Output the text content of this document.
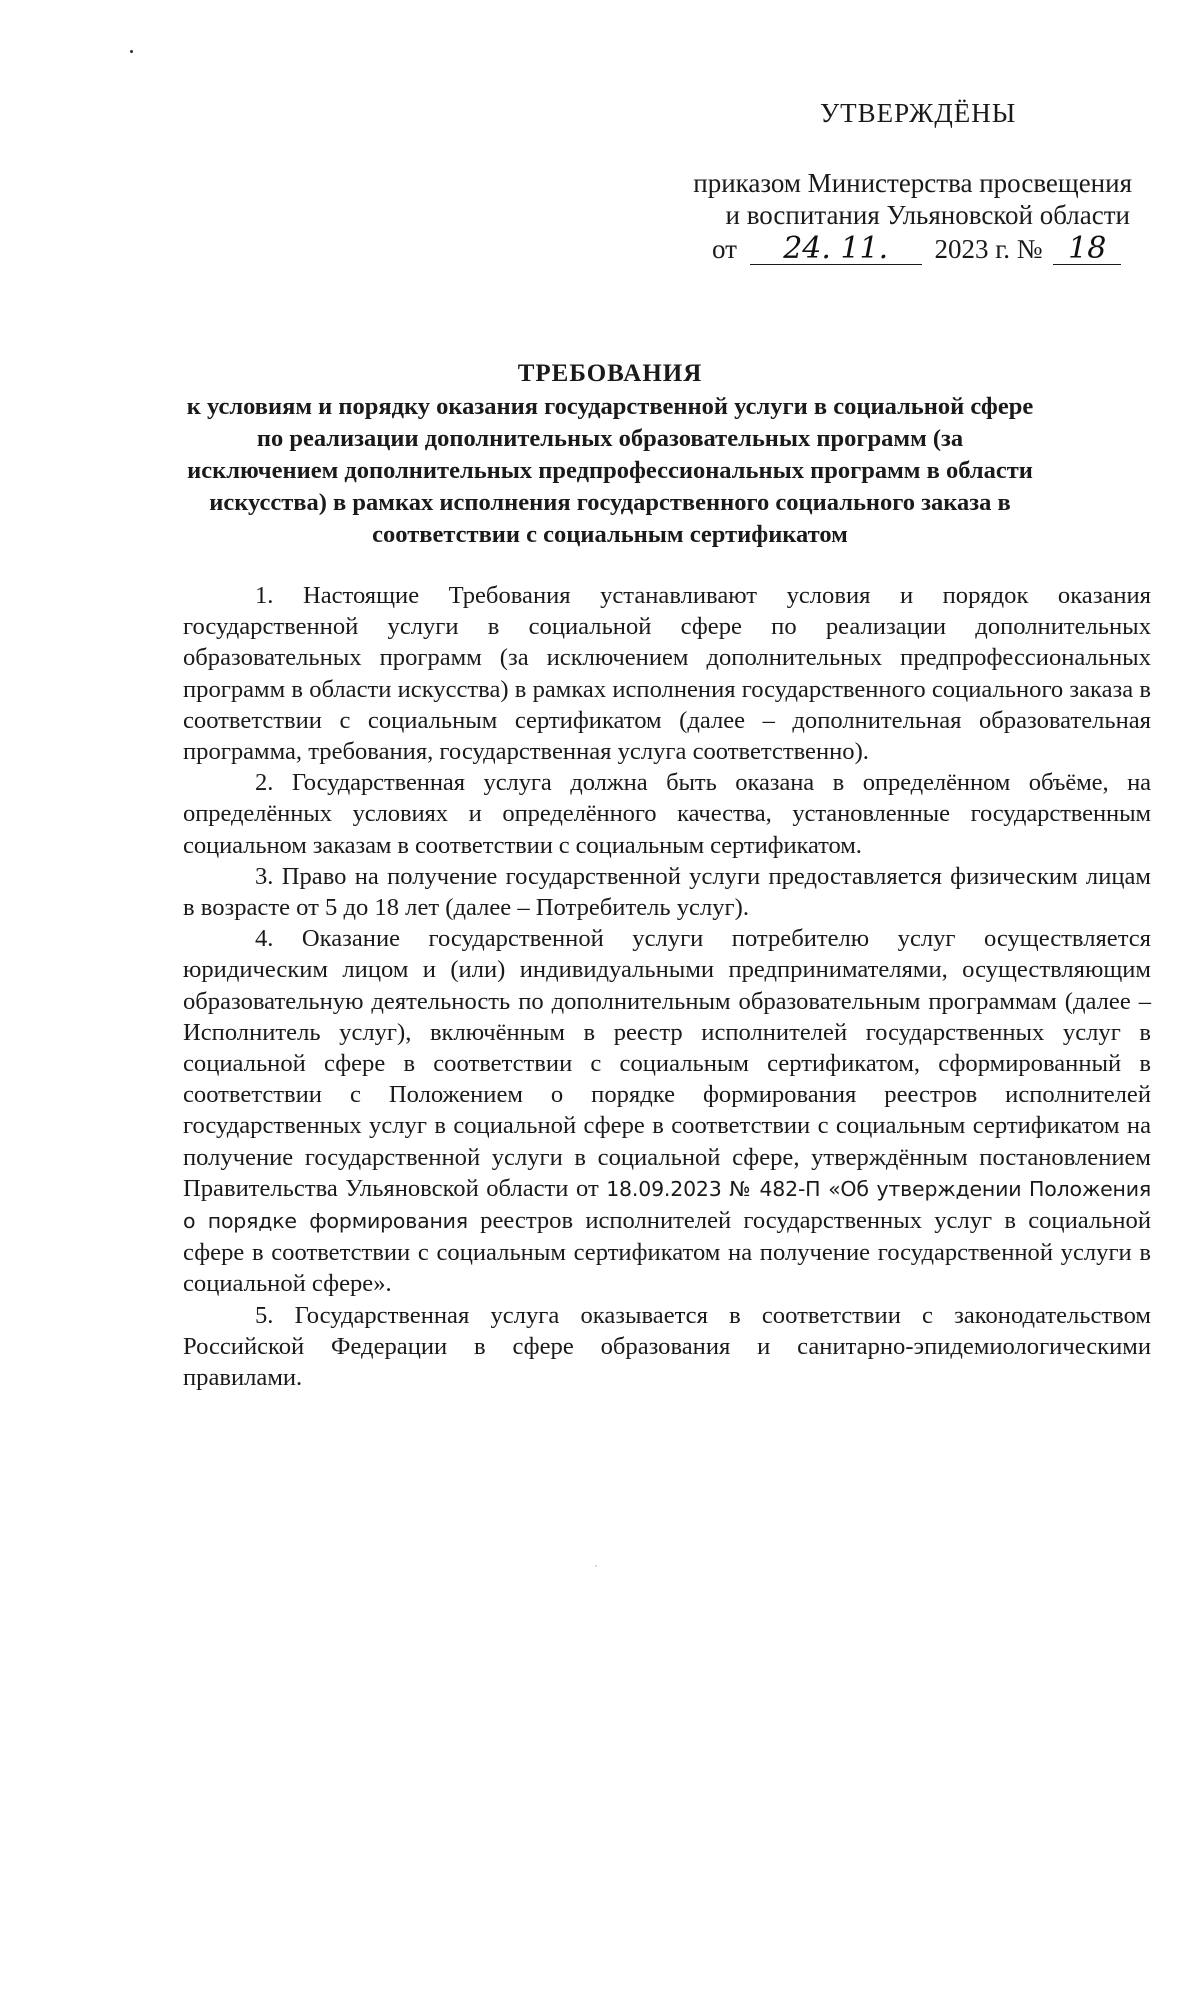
УТВЕРЖДЁНЫ
приказом Министерства просвещения
и воспитания Ульяновской области
от 24. 11. 2023 г. № 18
ТРЕБОВАНИЯ
к условиям и порядку оказания государственной услуги в социальной сфере по реализации дополнительных образовательных программ (за исключением дополнительных предпрофессиональных программ в области искусства) в рамках исполнения государственного социального заказа в соответствии с социальным сертификатом

1. Настоящие Требования устанавливают условия и порядок оказания государственной услуги в социальной сфере по реализации дополнительных образовательных программ (за исключением дополнительных предпрофессиональных программ в области искусства) в рамках исполнения государственного социального заказа в соответствии с социальным сертификатом (далее – дополнительная образовательная программа, требования, государственная услуга соответственно).

2. Государственная услуга должна быть оказана в определённом объёме, на определённых условиях и определённого качества, установленные государственным социальном заказам в соответствии с социальным сертификатом.

3. Право на получение государственной услуги предоставляется физическим лицам в возрасте от 5 до 18 лет (далее – Потребитель услуг).

4. Оказание государственной услуги потребителю услуг осуществляется юридическим лицом и (или) индивидуальными предпринимателями, осуществляющим образовательную деятельность по дополнительным образовательным программам (далее – Исполнитель услуг), включённым в реестр исполнителей государственных услуг в социальной сфере в соответствии с социальным сертификатом, сформированный в соответствии с Положением о порядке формирования реестров исполнителей государственных услуг в социальной сфере в соответствии с социальным сертификатом на получение государственной услуги в социальной сфере, утверждённым постановлением Правительства Ульяновской области от 18.09.2023 № 482-П «Об утверждении Положения о порядке формирования реестров исполнителей государственных услуг в социальной сфере в соответствии с социальным сертификатом на получение государственной услуги в социальной сфере».

5. Государственная услуга оказывается в соответствии с законодательством Российской Федерации в сфере образования и санитарно-эпидемиологическими правилами.
